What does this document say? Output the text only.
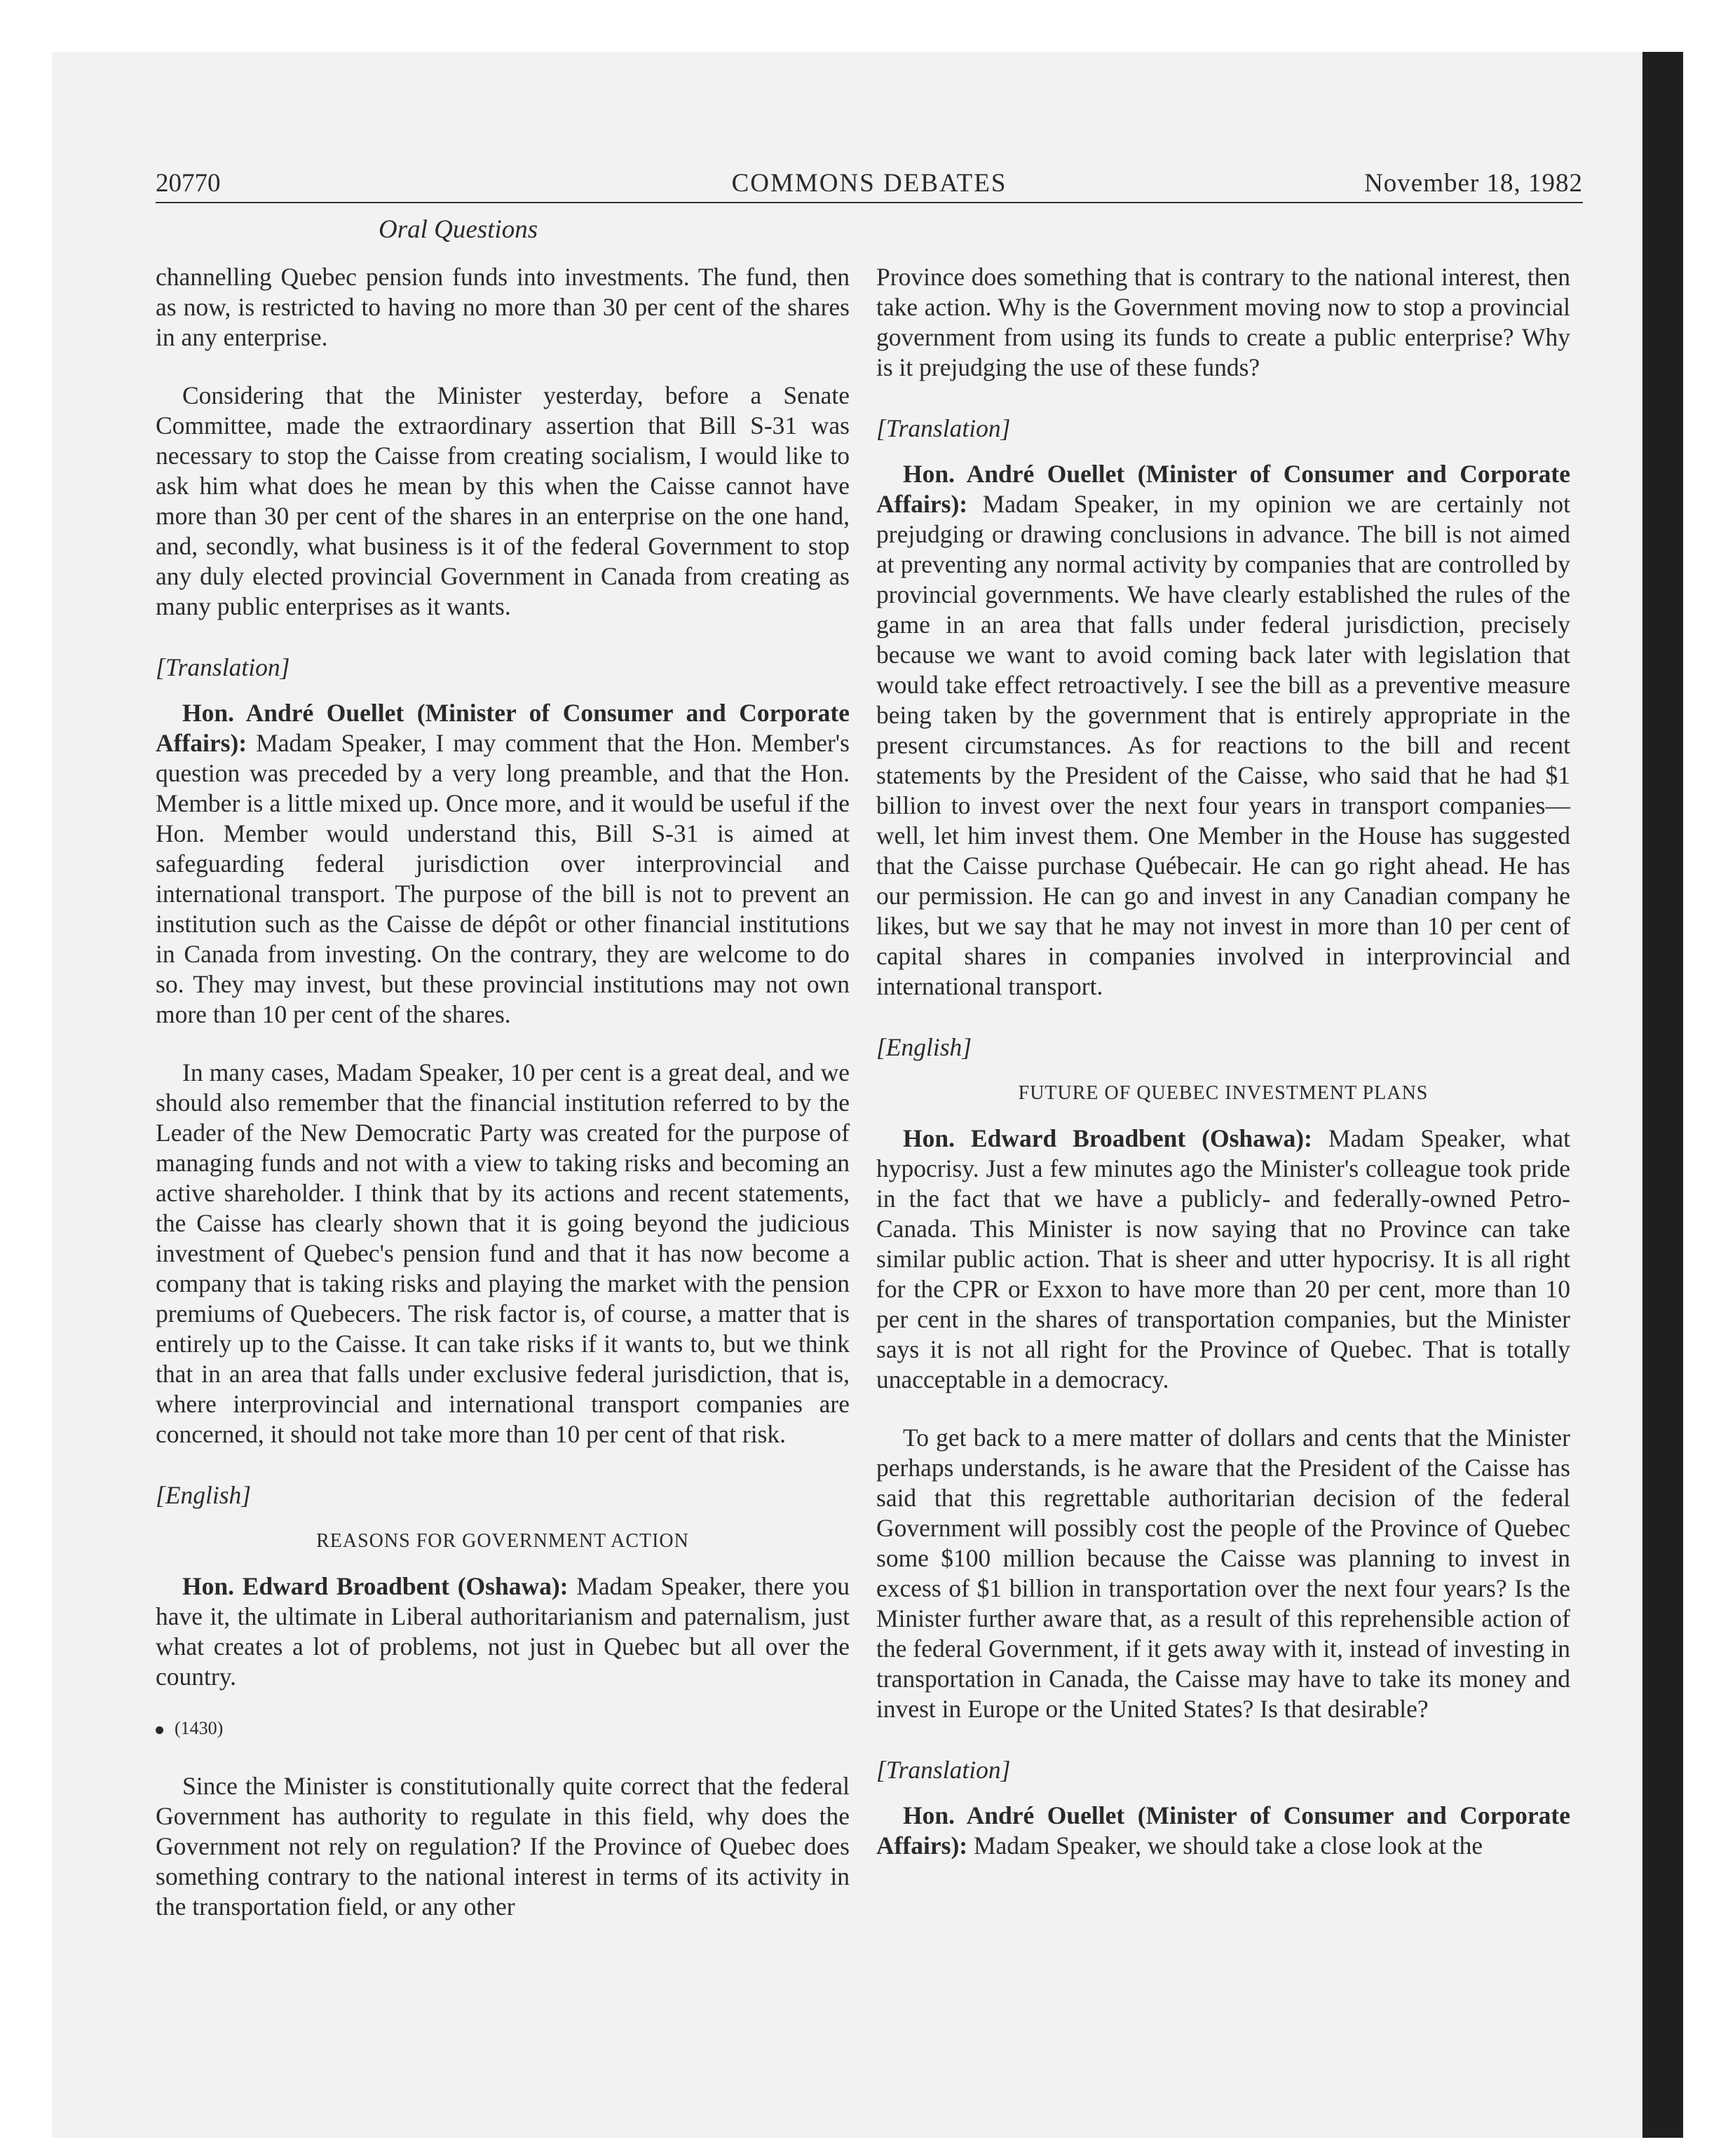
20770	COMMONS DEBATES	November 18, 1982
Oral Questions

channelling Quebec pension funds into investments. The fund, then as now, is restricted to having no more than 30 per cent of the shares in any enterprise.

Considering that the Minister yesterday, before a Senate Committee, made the extraordinary assertion that Bill S-31 was necessary to stop the Caisse from creating socialism, I would like to ask him what does he mean by this when the Caisse cannot have more than 30 per cent of the shares in an enterprise on the one hand, and, secondly, what business is it of the federal Government to stop any duly elected provincial Government in Canada from creating as many public enterprises as it wants.

[Translation]

Hon. André Ouellet (Minister of Consumer and Corporate Affairs): Madam Speaker, I may comment that the Hon. Member's question was preceded by a very long preamble, and that the Hon. Member is a little mixed up. Once more, and it would be useful if the Hon. Member would understand this, Bill S-31 is aimed at safeguarding federal jurisdiction over interprovincial and international transport. The purpose of the bill is not to prevent an institution such as the Caisse de dépôt or other financial institutions in Canada from investing. On the contrary, they are welcome to do so. They may invest, but these provincial institutions may not own more than 10 per cent of the shares.

In many cases, Madam Speaker, 10 per cent is a great deal, and we should also remember that the financial institution referred to by the Leader of the New Democratic Party was created for the purpose of managing funds and not with a view to taking risks and becoming an active shareholder. I think that by its actions and recent statements, the Caisse has clearly shown that it is going beyond the judicious investment of Quebec's pension fund and that it has now become a company that is taking risks and playing the market with the pension premiums of Quebecers. The risk factor is, of course, a matter that is entirely up to the Caisse. It can take risks if it wants to, but we think that in an area that falls under exclusive federal jurisdiction, that is, where interprovincial and international transport companies are concerned, it should not take more than 10 per cent of that risk.

[English]
REASONS FOR GOVERNMENT ACTION

Hon. Edward Broadbent (Oshawa): Madam Speaker, there you have it, the ultimate in Liberal authoritarianism and paternalism, just what creates a lot of problems, not just in Quebec but all over the country.

(1430)

Since the Minister is constitutionally quite correct that the federal Government has authority to regulate in this field, why does the Government not rely on regulation? If the Province of Quebec does something contrary to the national interest in terms of its activity in the transportation field, or any other

Province does something that is contrary to the national interest, then take action. Why is the Government moving now to stop a provincial government from using its funds to create a public enterprise? Why is it prejudging the use of these funds?

[Translation]

Hon. André Ouellet (Minister of Consumer and Corporate Affairs): Madam Speaker, in my opinion we are certainly not prejudging or drawing conclusions in advance. The bill is not aimed at preventing any normal activity by companies that are controlled by provincial governments. We have clearly established the rules of the game in an area that falls under federal jurisdiction, precisely because we want to avoid coming back later with legislation that would take effect retroactively. I see the bill as a preventive measure being taken by the government that is entirely appropriate in the present circumstances. As for reactions to the bill and recent statements by the President of the Caisse, who said that he had $1 billion to invest over the next four years in transport companies—well, let him invest them. One Member in the House has suggested that the Caisse purchase Québecair. He can go right ahead. He has our permission. He can go and invest in any Canadian company he likes, but we say that he may not invest in more than 10 per cent of capital shares in companies involved in interprovincial and international transport.

[English]
FUTURE OF QUEBEC INVESTMENT PLANS

Hon. Edward Broadbent (Oshawa): Madam Speaker, what hypocrisy. Just a few minutes ago the Minister's colleague took pride in the fact that we have a publicly- and federally-owned Petro-Canada. This Minister is now saying that no Province can take similar public action. That is sheer and utter hypocrisy. It is all right for the CPR or Exxon to have more than 20 per cent, more than 10 per cent in the shares of transportation companies, but the Minister says it is not all right for the Province of Quebec. That is totally unacceptable in a democracy.

To get back to a mere matter of dollars and cents that the Minister perhaps understands, is he aware that the President of the Caisse has said that this regrettable authoritarian decision of the federal Government will possibly cost the people of the Province of Quebec some $100 million because the Caisse was planning to invest in excess of $1 billion in transportation over the next four years? Is the Minister further aware that, as a result of this reprehensible action of the federal Government, if it gets away with it, instead of investing in transportation in Canada, the Caisse may have to take its money and invest in Europe or the United States? Is that desirable?

[Translation]

Hon. André Ouellet (Minister of Consumer and Corporate Affairs): Madam Speaker, we should take a close look at the
